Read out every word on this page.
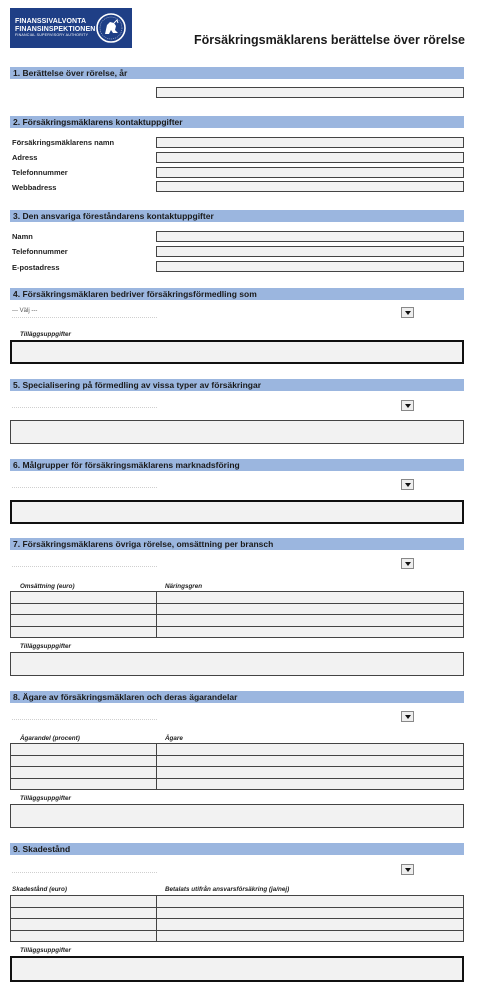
FINANSSIVALVONTA
FINANSINSPEKTIONEN
FINANCIAL SUPERVISORY AUTHORITY	Försäkringsmäklarens berättelse över rörelse
1. Berättelse över rörelse, år
2. Försäkringsmäklarens kontaktuppgifter
Försäkringsmäklarens namn
Adress
Telefonnummer
Webbadress
3. Den ansvariga föreståndarens kontaktuppgifter
Namn
Telefonnummer
E-postadress
4. Försäkringsmäklaren bedriver försäkringsförmedling som
--- Välj ---
Tilläggsuppgifter
5. Specialisering på förmedling av vissa typer av försäkringar
6. Målgrupper för försäkringsmäklarens marknadsföring
7. Försäkringsmäklarens övriga rörelse, omsättning per bransch
Omsättning (euro)	Näringsgren

Tilläggsuppgifter
8. Ägare av försäkringsmäklaren och deras ägarandelar
Ägarandel (procent)	Ägare

Tilläggsuppgifter
9. Skadestånd
Skadestånd (euro)	Betalats utifrån ansvarsförsäkring (ja/nej)

Tilläggsuppgifter
